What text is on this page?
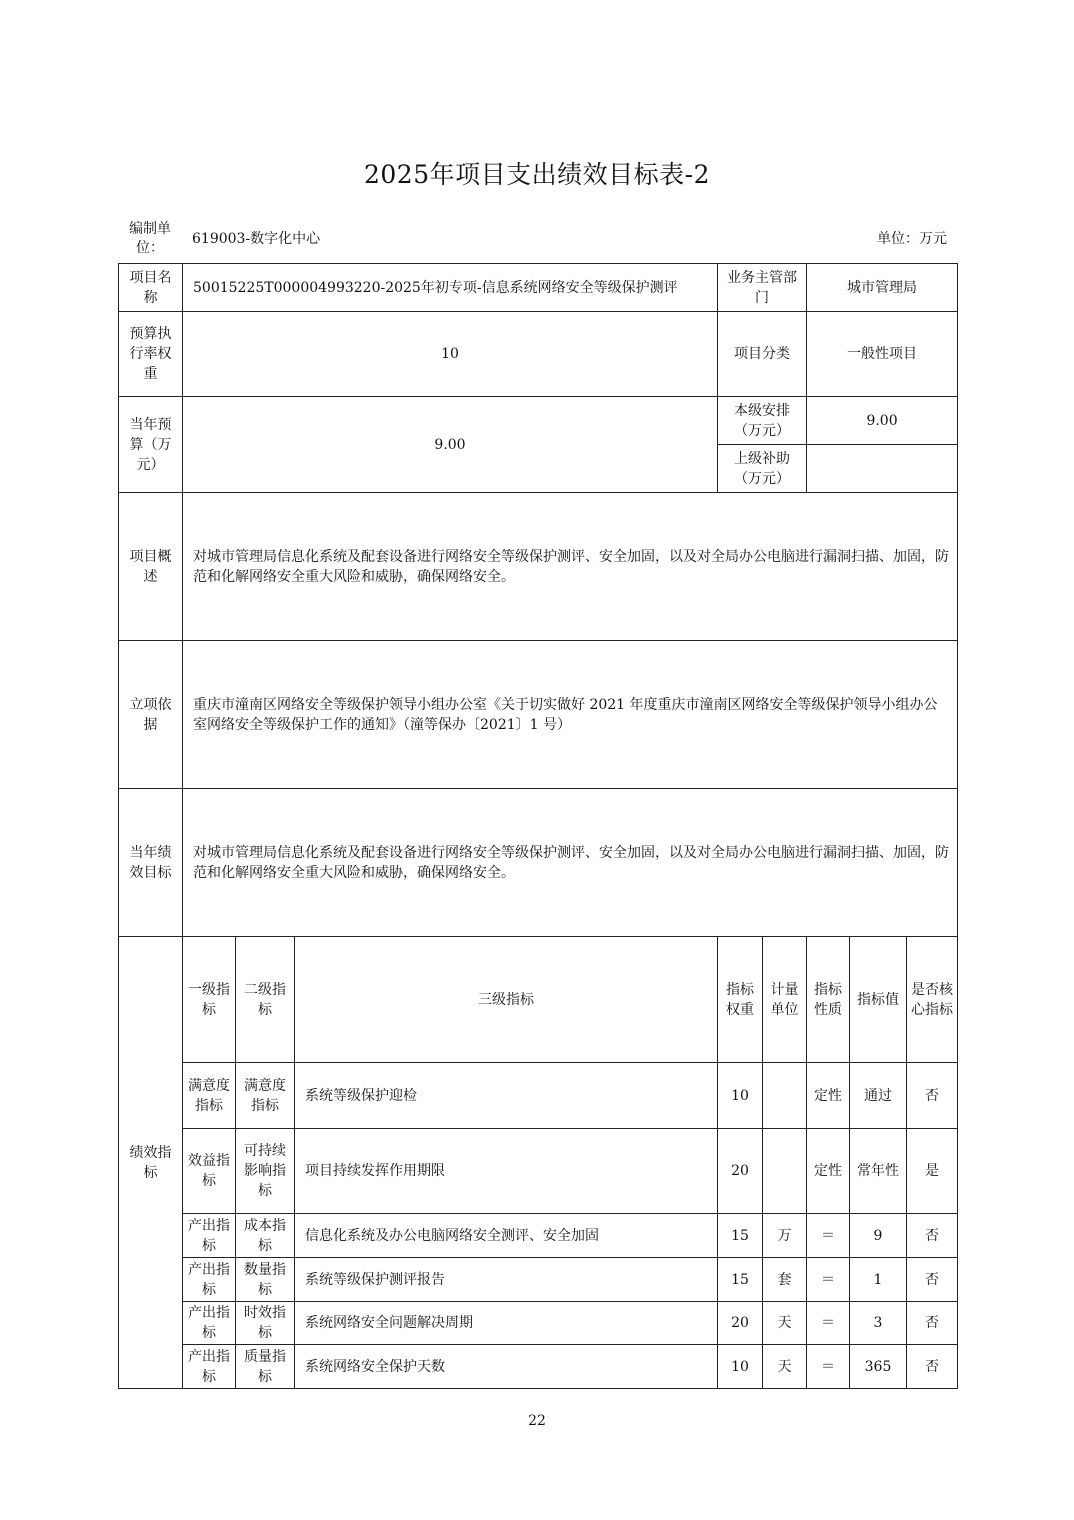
2025年项目支出绩效目标表-2
编制单位：
619003-数字化中心	单位：万元
项目名称	50015225T000004993220-2025年初专项-信息系统网络安全等级保护测评			业务主管部门		城市管理局		
预算执行率权重	10			项目分类		一般性项目		
当年预算（万元）	9.00			本级安排（万元）		9.00		
				上级补助（万元）				
项目概述	对城市管理局信息化系统及配套设备进行网络安全等级保护测评、安全加固，以及对全局办公电脑进行漏洞扫描、加固，防范和化解网络安全重大风险和威胁，确保网络安全。							
立项依据	重庆市潼南区网络安全等级保护领导小组办公室《关于切实做好 2021 年度重庆市潼南区网络安全等级保护领导小组办公室网络安全等级保护工作的通知》（潼等保办〔2021〕1 号）							
当年绩效目标	对城市管理局信息化系统及配套设备进行网络安全等级保护测评、安全加固，以及对全局办公电脑进行漏洞扫描、加固，防范和化解网络安全重大风险和威胁，确保网络安全。							
绩效指标	一级指标	二级指标	三级指标	指标权重	计量单位	指标性质	指标值	是否核心指标
	满意度指标	满意度指标	系统等级保护迎检	10		定性	通过	否
	效益指标	可持续影响指标	项目持续发挥作用期限	20		定性	常年性	是
	产出指标	成本指标	信息化系统及办公电脑网络安全测评、安全加固	15	万	＝	9	否
	产出指标	数量指标	系统等级保护测评报告	15	套	＝	1	否
	产出指标	时效指标	系统网络安全问题解决周期	20	天	＝	3	否
	产出指标	质量指标	系统网络安全保护天数	10	天	＝	365	否
22
